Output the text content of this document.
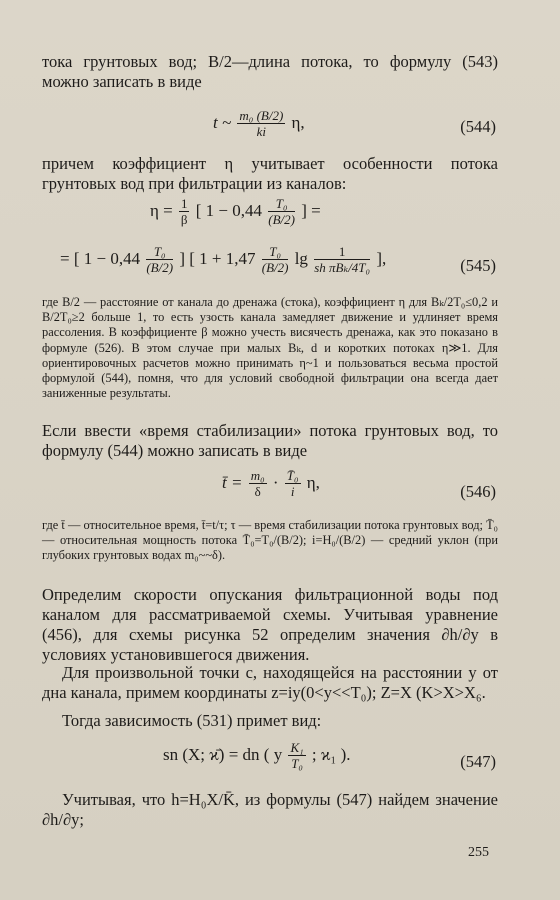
тока грунтовых вод; B/2—длина потока, то формулу (543) можно записать в виде
t ~ $\frac{\text{m₀ (B/2)}}{ki} \eta$,	(544)
причем коэффициент η учитывает особенности потока грунтовых вод при фильтрации из каналов:
$\eta = \frac{1}{\beta}$ [ $1 - 0,44 \frac{\text{T₀}}{(B/2)}$ ] =
= [ $1 - 0,44 \frac{\text{T₀}}{(B/2)}$ ] [ $1 + 1,47 \frac{\text{T₀}}{(B/2)}$ $\lg \frac{1}{\text{sh πBₖ/4T₀}}$ ],	(545)
где B/2 — расстояние от канала до дренажа (стока), коэффициент η для Bₖ/2T₀≤0,2 и B/2T₀≥2 больше 1, то есть узость канала замедляет движение и удлиняет время рассоления. В коэффициенте β можно учесть висячесть дренажа, как это показано в формуле (526). В этом случае при малых Bₖ, d и коротких потоках η≫1. Для ориентировочных расчетов можно принимать η~1 и пользоваться весьма простой формулой (544), помня, что для условий свободной фильтрации она всегда дает заниженные результаты.
Если ввести «время стабилизации» потока грунтовых вод, то формулу (544) можно записать в виде
t̄ = $\frac{\text{m₀}}{\delta} \cdot \frac{\text{T̄₀}}{i} \eta$,	(546)
где t̄ — относительное время, t̄=t/τ; τ — время стабилизации потока грунтовых вод; T̄₀ — относительная мощность потока T̄₀=T₀/(B/2); i=H₀/(B/2) — средний уклон (при глубоких грунтовых водах m₀~~δ).
Определим скорости опускания фильтрационной воды под каналом для рассматриваемой схемы. Учитывая уравнение (456), для схемы рисунка 52 определим значения ∂h/∂y в условиях установившегося движения.
Для произвольной точки c, находящейся на расстоянии y от дна канала, примем координаты z=iy(0<y<<T₀); Z=X (K>X>X₆.
Тогда зависимость (531) примет вид:
sn (X; ϰ̄) = dn ( y $\frac{\text{K₁}}{\text{T₀}}$ ; ϰ₁ ).	(547)
Учитывая, что h=H₀X/K̄, из формулы (547) найдем значение ∂h/∂y;
255
